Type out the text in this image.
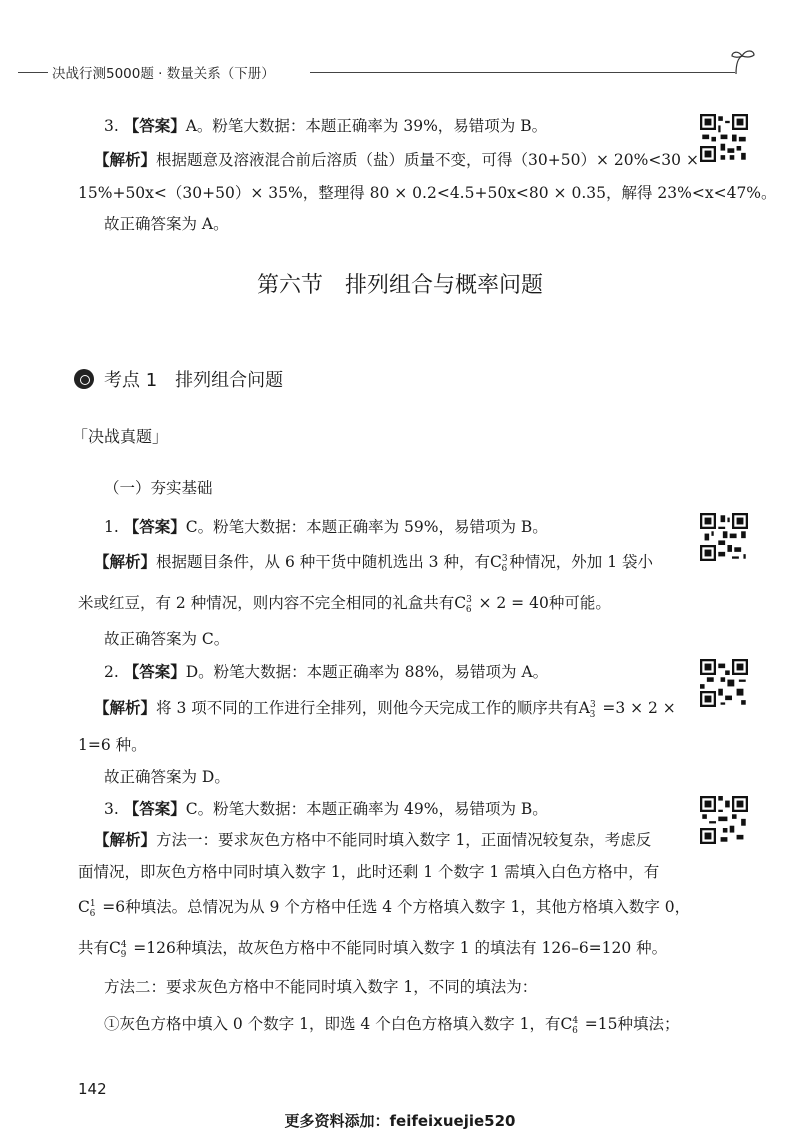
决战行测5000题 · 数量关系（下册）
3. 【答案】A。粉笔大数据：本题正确率为 39%，易错项为 B。
【解析】根据题意及溶液混合前后溶质（盐）质量不变，可得（30+50）× 20%<30 ×
15%+50x<（30+50）× 35%，整理得 80 × 0.2<4.5+50x<80 × 0.35，解得 23%<x<47%。
故正确答案为 A。
第六节　排列组合与概率问题
考点 1　排列组合问题
「决战真题」
（一）夯实基础
1. 【答案】C。粉笔大数据：本题正确率为 59%，易错项为 B。
【解析】根据题目条件，从 6 种干货中随机选出 3 种，有$C^3_6$ 种情况，外加 1 袋小
米或红豆，有 2 种情况，则内容不完全相同的礼盒共有$C^3_6 \times 2 = 40$种可能。
故正确答案为 C。
2. 【答案】D。粉笔大数据：本题正确率为 88%，易错项为 A。
【解析】将 3 项不同的工作进行全排列，则他今天完成工作的顺序共有$A^3_3 =3 \times 2$ ×
1=6 种。
故正确答案为 D。
3. 【答案】C。粉笔大数据：本题正确率为 49%，易错项为 B。
【解析】方法一：要求灰色方格中不能同时填入数字 1，正面情况较复杂，考虑反
面情况，即灰色方格中同时填入数字 1，此时还剩 1 个数字 1 需填入白色方格中，有
$C^1_6 =6$种填法。总情况为从 9 个方格中任选 4 个方格填入数字 1，其他方格填入数字 0，
共有$C^4_9 =126$种填法，故灰色方格中不能同时填入数字 1 的填法有 126–6=120 种。
方法二：要求灰色方格中不能同时填入数字 1，不同的填法为：
①灰色方格中填入 0 个数字 1，即选 4 个白色方格填入数字 1，有$C^4_6 =15$种填法；
142
更多资料添加：feifeixuejie520
